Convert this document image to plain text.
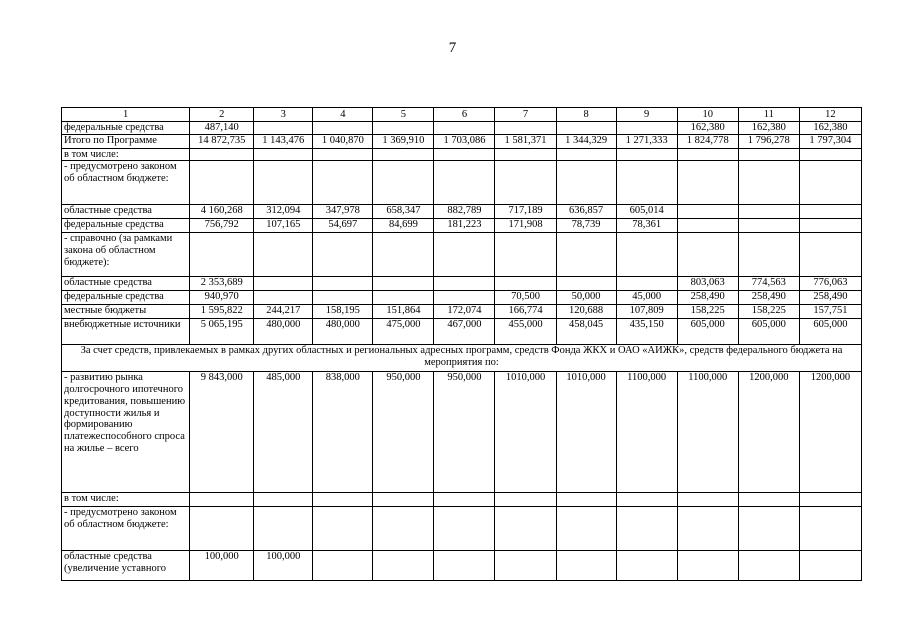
7
1	2	3	4	5	6	7	8	9	10	11	12
федеральные средства	487,140								162,380	162,380	162,380
Итого по Программе	14 872,735	1 143,476	1 040,870	1 369,910	1 703,086	1 581,371	1 344,329	1 271,333	1 824,778	1 796,278	1 797,304
в том числе:											
- предусмотрено законом об областном бюджете:											
областные средства	4 160,268	312,094	347,978	658,347	882,789	717,189	636,857	605,014			
федеральные средства	756,792	107,165	54,697	84,699	181,223	171,908	78,739	78,361			
- справочно (за рамками закона об областном бюджете):											
областные средства	2 353,689								803,063	774,563	776,063
федеральные средства	940,970					70,500	50,000	45,000	258,490	258,490	258,490
местные бюджеты	1 595,822	244,217	158,195	151,864	172,074	166,774	120,688	107,809	158,225	158,225	157,751
внебюджетные источники	5 065,195	480,000	480,000	475,000	467,000	455,000	458,045	435,150	605,000	605,000	605,000
За счет средств, привлекаемых в рамках других областных и региональных адресных программ, средств Фонда ЖКХ и ОАО «АИЖК», средств федерального бюджета на мероприятия по:											
- развитию рынка долгосрочного ипотечного кредитования, повышению доступности жилья и формированию платежеспособного спроса на жилье – всего	9 843,000	485,000	838,000	950,000	950,000	1010,000	1010,000	1100,000	1100,000	1200,000	1200,000
в том числе:											
- предусмотрено законом об областном бюджете:											
областные средства (увеличение уставного	100,000	100,000									
